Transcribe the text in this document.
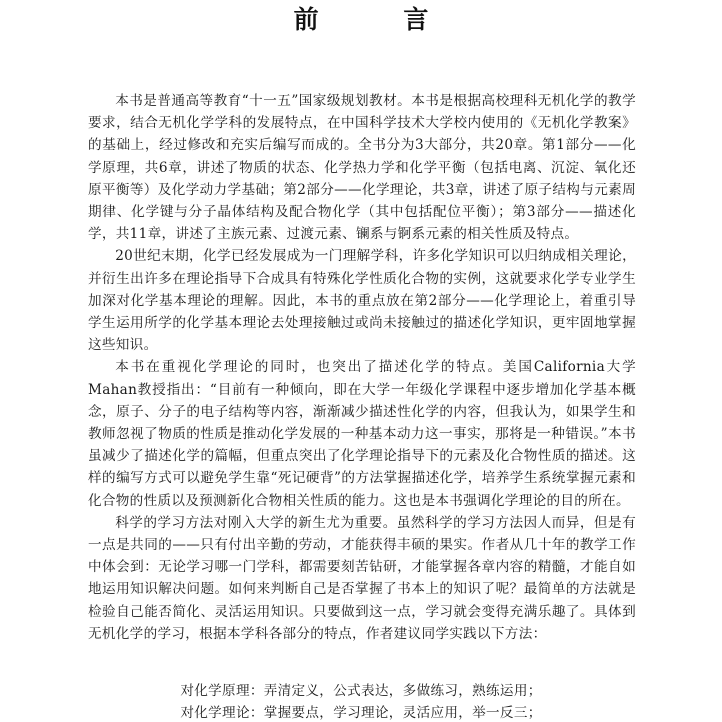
前 言

本书是普通高等教育“十一五”国家级规划教材。本书是根据高校理科无机化学的教学要求，结合无机化学学科的发展特点，在中国科学技术大学校内使用的《无机化学教案》的基础上，经过修改和充实后编写而成的。全书分为3大部分，共20章。第1部分——化学原理，共6章，讲述了物质的状态、化学热力学和化学平衡（包括电离、沉淀、氧化还原平衡等）及化学动力学基础；第2部分——化学理论，共3章，讲述了原子结构与元素周期律、化学键与分子晶体结构及配合物化学（其中包括配位平衡）；第3部分——描述化学，共11章，讲述了主族元素、过渡元素、镧系与锕系元素的相关性质及特点。

20世纪末期，化学已经发展成为一门理解学科，许多化学知识可以归纳成相关理论，并衍生出许多在理论指导下合成具有特殊化学性质化合物的实例，这就要求化学专业学生加深对化学基本理论的理解。因此，本书的重点放在第2部分——化学理论上，着重引导学生运用所学的化学基本理论去处理接触过或尚未接触过的描述化学知识，更牢固地掌握这些知识。

本书在重视化学理论的同时，也突出了描述化学的特点。美国California大学Mahan教授指出：“目前有一种倾向，即在大学一年级化学课程中逐步增加化学基本概念，原子、分子的电子结构等内容，渐渐减少描述性化学的内容，但我认为，如果学生和教师忽视了物质的性质是推动化学发展的一种基本动力这一事实，那将是一种错误。”本书虽减少了描述化学的篇幅，但重点突出了化学理论指导下的元素及化合物性质的描述。这样的编写方式可以避免学生靠“死记硬背”的方法掌握描述化学，培养学生系统掌握元素和化合物的性质以及预测新化合物相关性质的能力。这也是本书强调化学理论的目的所在。

科学的学习方法对刚入大学的新生尤为重要。虽然科学的学习方法因人而异，但是有一点是共同的——只有付出辛勤的劳动，才能获得丰硕的果实。作者从几十年的教学工作中体会到：无论学习哪一门学科，都需要刻苦钻研，才能掌握各章内容的精髓，才能自如地运用知识解决问题。如何来判断自己是否掌握了书本上的知识了呢？最简单的方法就是检验自己能否简化、灵活运用知识。只要做到这一点，学习就会变得充满乐趣了。具体到无机化学的学习，根据本学科各部分的特点，作者建议同学实践以下方法：

对化学原理：弄清定义，公式表达，多做练习，熟练运用；
对化学理论：掌握要点，学习理论，灵活应用，举一反三；
